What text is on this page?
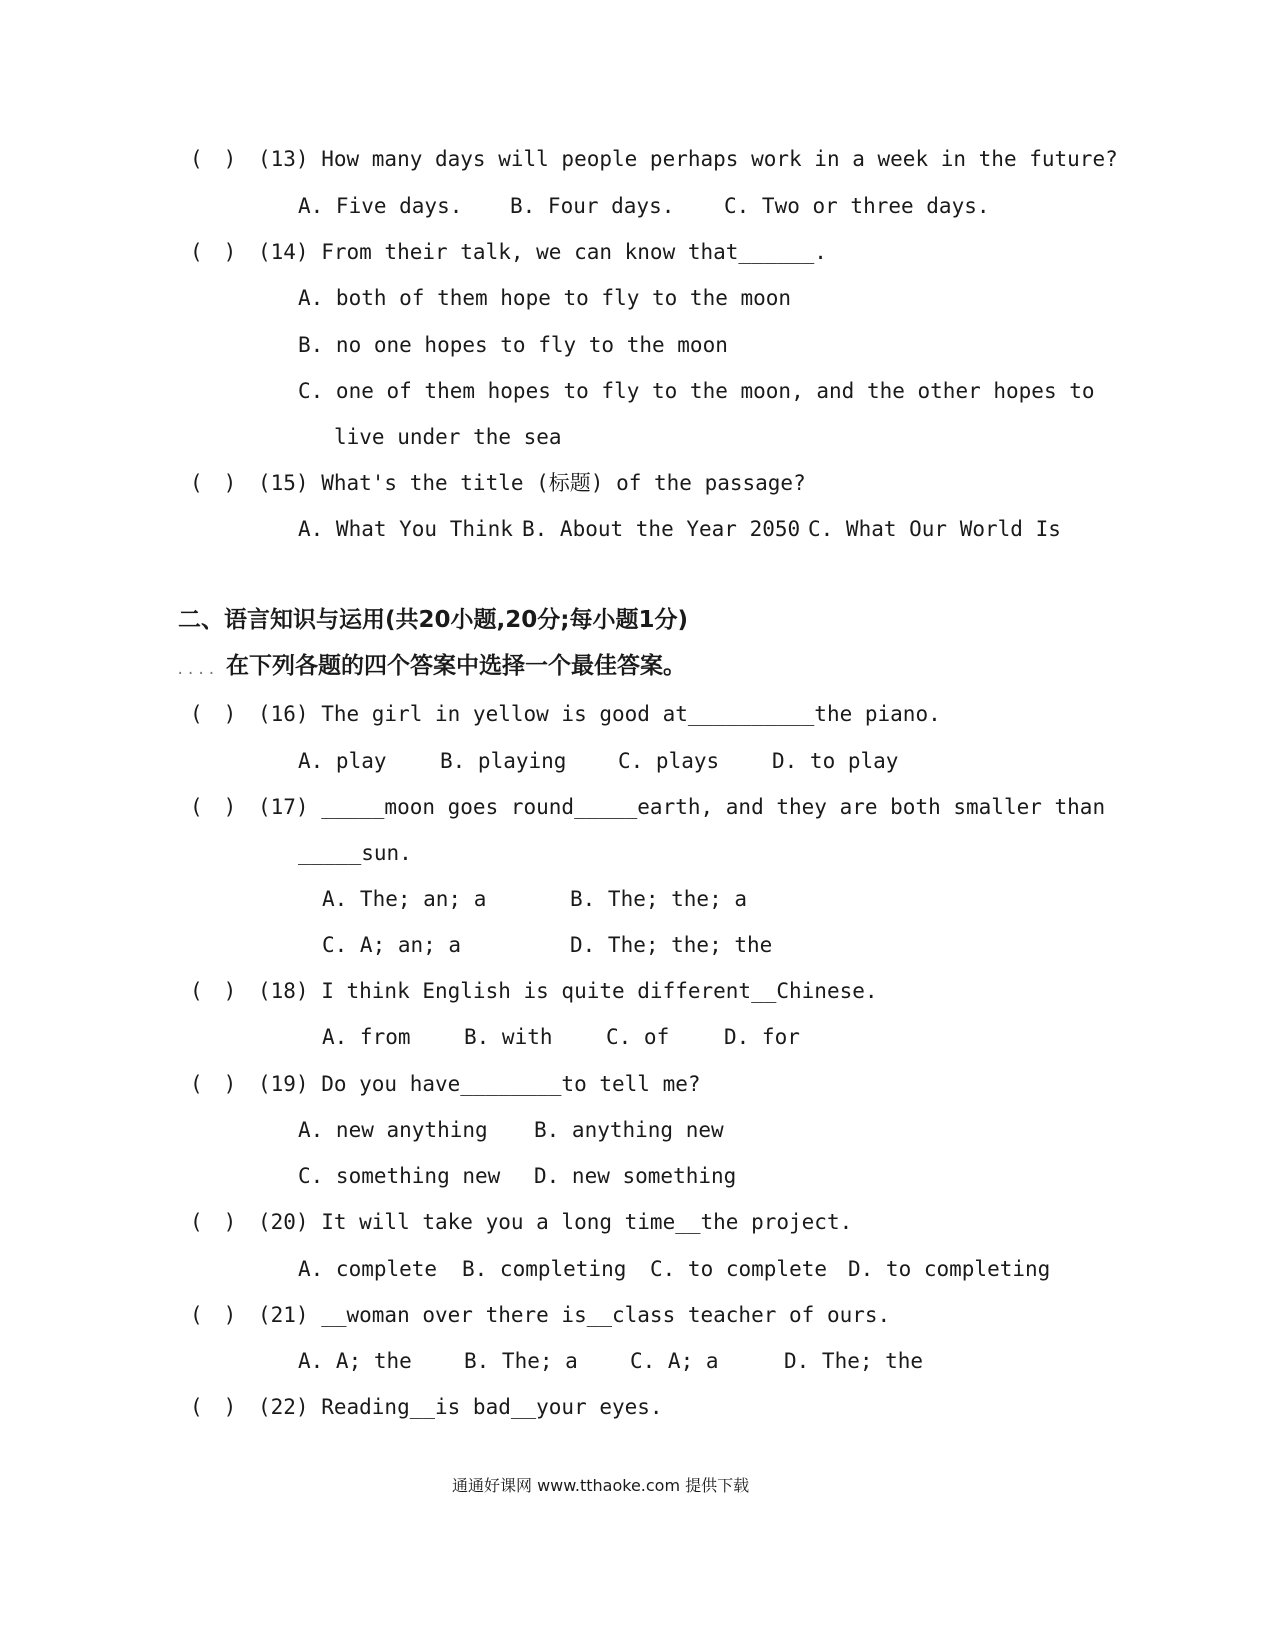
(　) (13) How many days will people perhaps work in a week in the future?
A. Five days. B. Four days. C. Two or three days.
(　) (14) From their talk, we can know that______.
A. both of them hope to fly to the moon
B. no one hopes to fly to the moon
C. one of them hopes to fly to the moon, and the other hopes to
live under the sea
(　) (15) What's the title (标题) of the passage?
A. What You Think B. About the Year 2050 C. What Our World Is
二、语言知识与运用(共20小题,20分;每小题1分)
.... 在下列各题的四个答案中选择一个最佳答案。
(　) (16) The girl in yellow is good at__________the piano.
A. play	B. playing C. plays	D. to play
(　) (17) _____moon goes round_____earth, and they are both smaller than
_____sun.
A. The; an; a	B. The; the; a
C. A; an; a	D. The; the; the
(　) (18) I think English is quite different__Chinese.
A. from	B. with	C. of	D. for
(　) (19) Do you have________to tell me?
A. new anything B. anything new
C. something new D. new something
(　) (20) It will take you a long time__the project.
A. complete B. completing C. to complete D. to completing
(　) (21) __woman over there is__class teacher of ours.
A. A; the B. The; a C. A; a	D. The; the
(　) (22) Reading__is bad__your eyes.
通通好课网 www.tthaoke.com 提供下载
